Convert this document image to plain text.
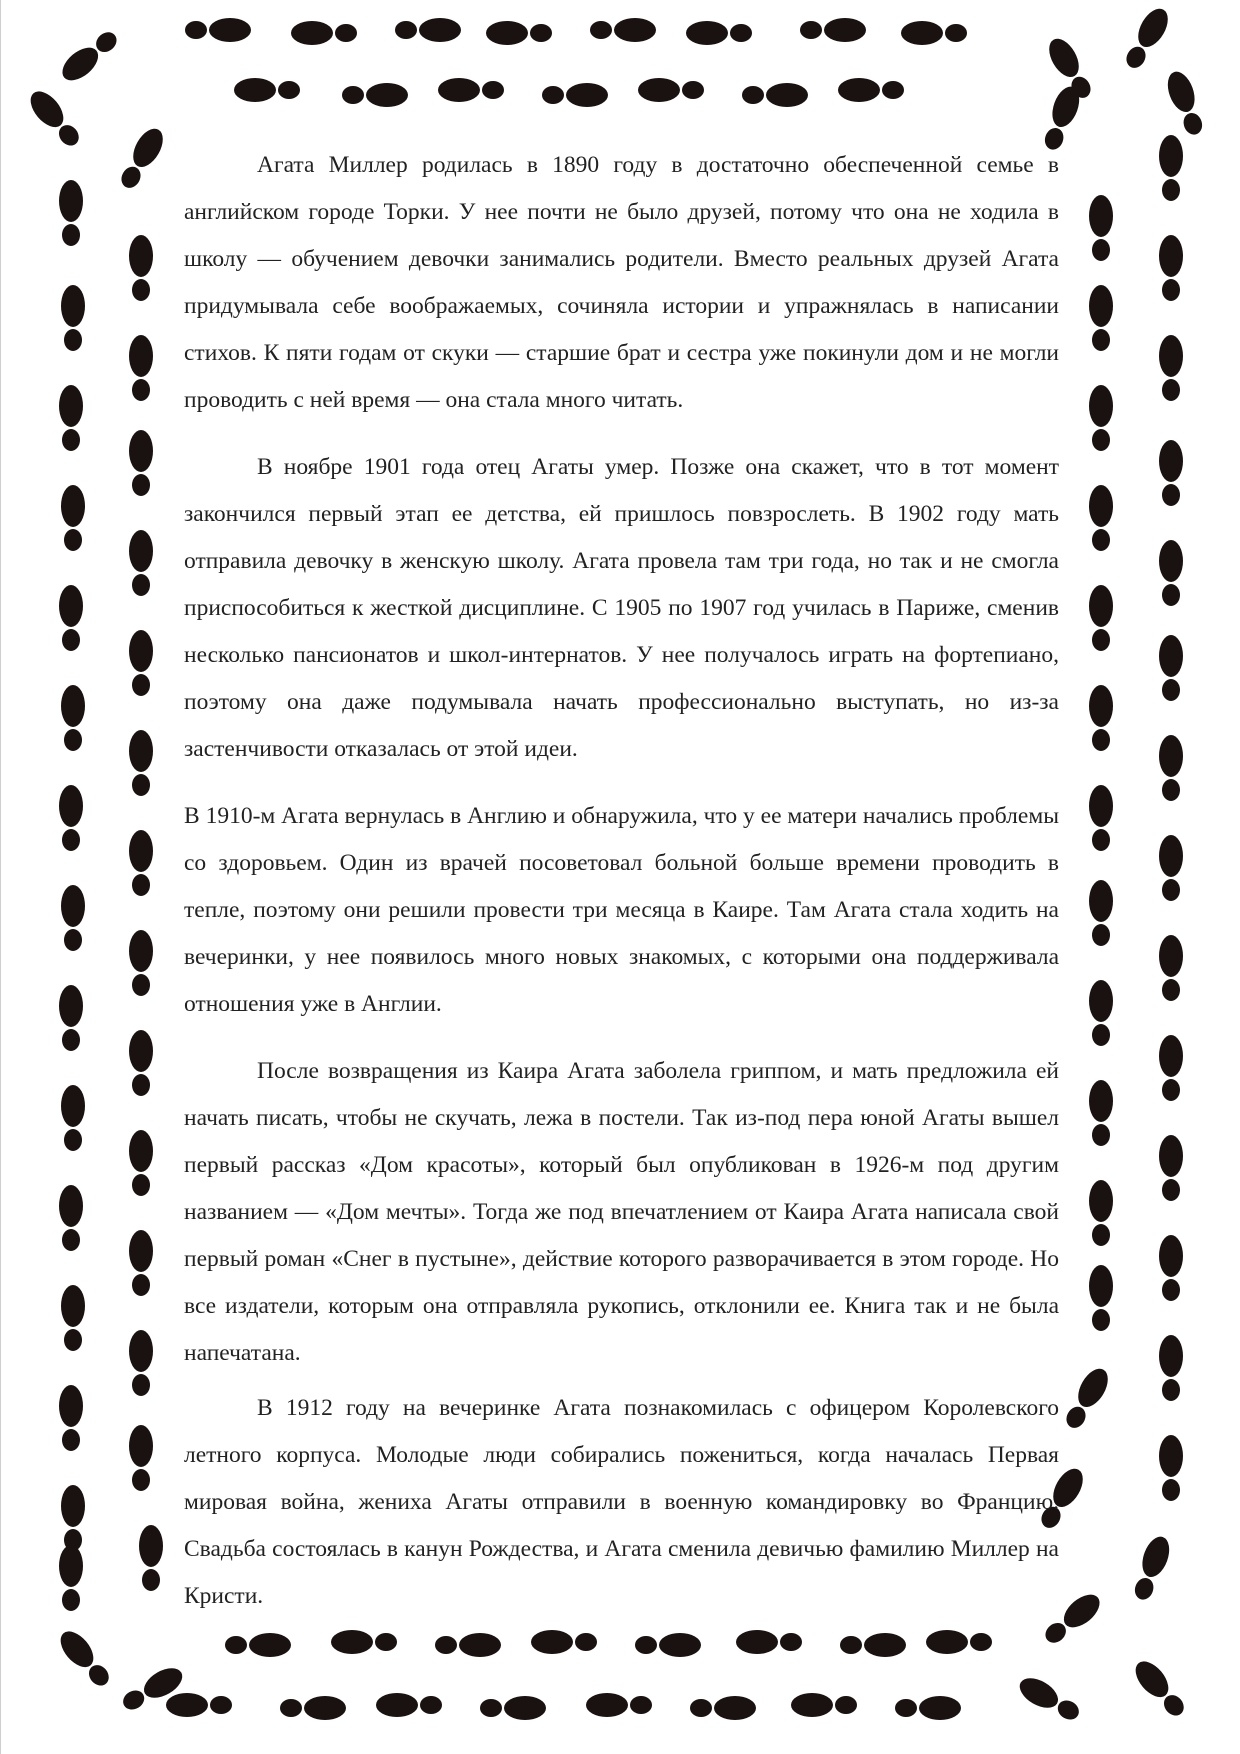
Агата Миллер родилась в 1890 году в достаточно обеспеченной семье в английском городе Торки. У нее почти не было друзей, потому что она не ходила в школу — обучением девочки занимались родители. Вместо реальных друзей Агата придумывала себе воображаемых, сочиняла истории и упражнялась в написании стихов. К пяти годам от скуки — старшие брат и сестра уже покинули дом и не могли проводить с ней время — она стала много читать.

В ноябре 1901 года отец Агаты умер. Позже она скажет, что в тот момент закончился первый этап ее детства, ей пришлось повзрослеть. В 1902 году мать отправила девочку в женскую школу. Агата провела там три года, но так и не смогла приспособиться к жесткой дисциплине. С 1905 по 1907 год училась в Париже, сменив несколько пансионатов и школ-интернатов. У нее получалось играть на фортепиано, поэтому она даже подумывала начать профессионально выступать, но из-за застенчивости отказалась от этой идеи.

В 1910-м Агата вернулась в Англию и обнаружила, что у ее матери начались проблемы со здоровьем. Один из врачей посоветовал больной больше времени проводить в тепле, поэтому они решили провести три месяца в Каире. Там Агата стала ходить на вечеринки, у нее появилось много новых знакомых, с которыми она поддерживала отношения уже в Англии.

После возвращения из Каира Агата заболела гриппом, и мать предложила ей начать писать, чтобы не скучать, лежа в постели. Так из-под пера юной Агаты вышел первый рассказ «Дом красоты», который был опубликован в 1926-м под другим названием — «Дом мечты». Тогда же под впечатлением от Каира Агата написала свой первый роман «Снег в пустыне», действие которого разворачивается в этом городе. Но все издатели, которым она отправляла рукопись, отклонили ее. Книга так и не была напечатана.

В 1912 году на вечеринке Агата познакомилась с офицером Королевского летного корпуса. Молодые люди собирались пожениться, когда началась Первая мировая война, жениха Агаты отправили в военную командировку во Францию. Свадьба состоялась в канун Рождества, и Агата сменила девичью фамилию Миллер на Кристи.
